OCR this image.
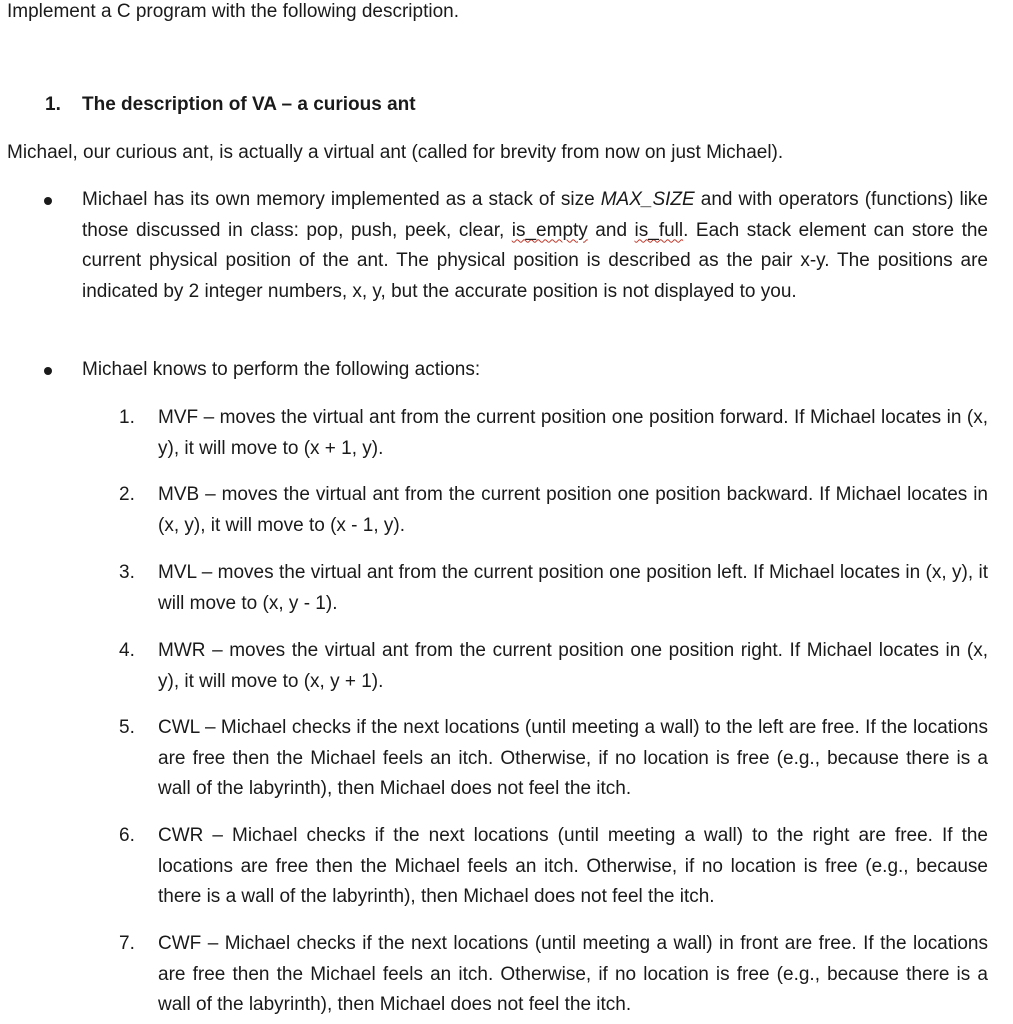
Implement a C program with the following description.

1. The description of VA – a curious ant

Michael, our curious ant, is actually a virtual ant (called for brevity from now on just Michael).

Michael has its own memory implemented as a stack of size MAX_SIZE and with operators (functions) like those discussed in class: pop, push, peek, clear, is_empty and is_full. Each stack element can store the current physical position of the ant. The physical position is described as the pair x-y. The positions are indicated by 2 integer numbers, x, y, but the accurate position is not displayed to you.

Michael knows to perform the following actions:

1. MVF – moves the virtual ant from the current position one position forward. If Michael locates in (x, y), it will move to (x + 1, y).

2. MVB – moves the virtual ant from the current position one position backward. If Michael locates in (x, y), it will move to (x - 1, y).

3. MVL – moves the virtual ant from the current position one position left. If Michael locates in (x, y), it will move to (x, y - 1).

4. MWR – moves the virtual ant from the current position one position right. If Michael locates in (x, y), it will move to (x, y + 1).

5. CWL – Michael checks if the next locations (until meeting a wall) to the left are free. If the locations are free then the Michael feels an itch. Otherwise, if no location is free (e.g., because there is a wall of the labyrinth), then Michael does not feel the itch.

6. CWR – Michael checks if the next locations (until meeting a wall) to the right are free. If the locations are free then the Michael feels an itch. Otherwise, if no location is free (e.g., because there is a wall of the labyrinth), then Michael does not feel the itch.

7. CWF – Michael checks if the next locations (until meeting a wall) in front are free. If the locations are free then the Michael feels an itch. Otherwise, if no location is free (e.g., because there is a wall of the labyrinth), then Michael does not feel the itch.
